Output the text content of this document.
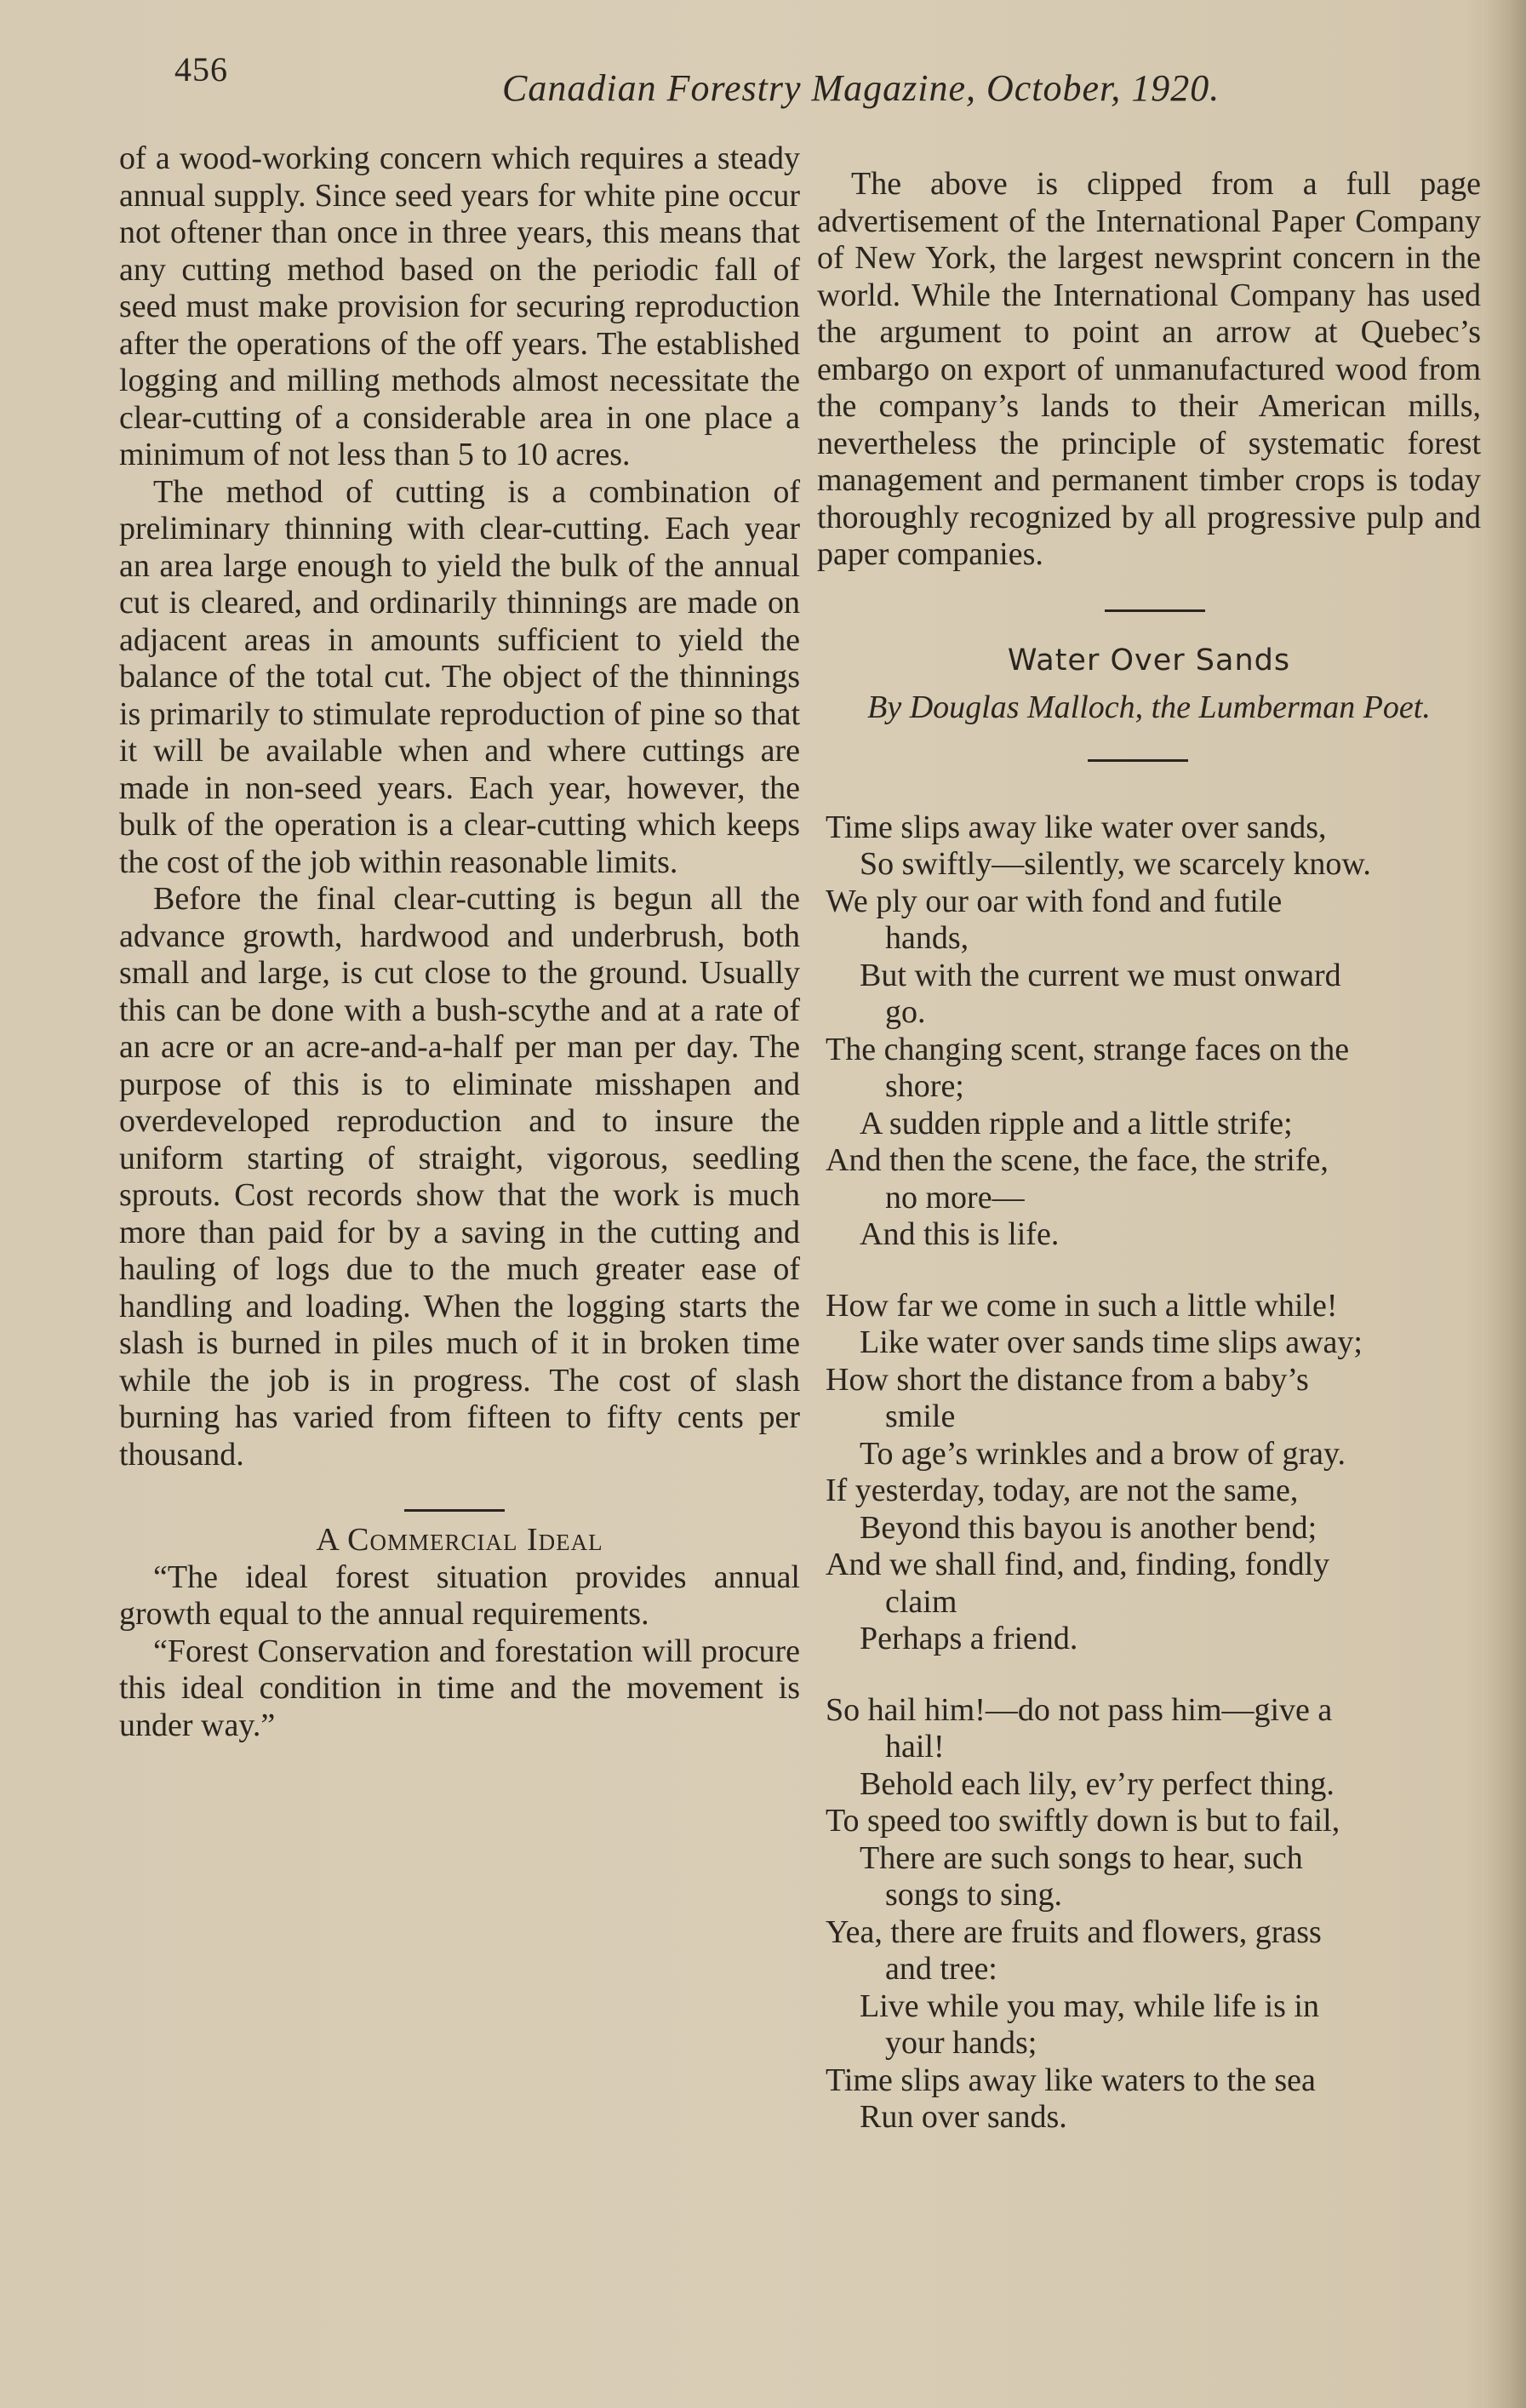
456	Canadian Forestry Magazine, October, 1920.

of a wood-working concern which requires a steady annual supply. Since seed years for white pine occur not oftener than once in three years, this means that any cutting method based on the periodic fall of seed must make provision for securing reproduction after the operations of the off years. The established logging and milling methods almost necessitate the clear-cutting of a considerable area in one place a minimum of not less than 5 to 10 acres.

The method of cutting is a combination of preliminary thinning with clear-cutting. Each year an area large enough to yield the bulk of the annual cut is cleared, and ordinarily thinnings are made on adjacent areas in amounts sufficient to yield the balance of the total cut. The object of the thinnings is primarily to stimulate reproduction of pine so that it will be available when and where cuttings are made in non-seed years. Each year, however, the bulk of the operation is a clear-cutting which keeps the cost of the job within reasonable limits.

Before the final clear-cutting is begun all the advance growth, hardwood and underbrush, both small and large, is cut close to the ground. Usually this can be done with a bush-scythe and at a rate of an acre or an acre-and-a-half per man per day. The purpose of this is to eliminate misshapen and overdeveloped reproduction and to insure the uniform starting of straight, vigorous, seedling sprouts. Cost records show that the work is much more than paid for by a saving in the cutting and hauling of logs due to the much greater ease of handling and loading. When the logging starts the slash is burned in piles much of it in broken time while the job is in progress. The cost of slash burning has varied from fifteen to fifty cents per thousand.

A Commercial Ideal

“The ideal forest situation provides annual growth equal to the annual requirements.

“Forest Conservation and forestation will procure this ideal condition in time and the movement is under way.”

The above is clipped from a full page advertisement of the International Paper Company of New York, the largest newsprint concern in the world. While the International Company has used the argument to point an arrow at Quebec’s embargo on export of unmanufactured wood from the company’s lands to their American mills, nevertheless the principle of systematic forest management and permanent timber crops is today thoroughly recognized by all progressive pulp and paper companies.

Water Over Sands
By Douglas Malloch, the Lumberman Poet.
Time slips away like water over sands,
So swiftly—silently, we scarcely know.
We ply our oar with fond and futile
hands,
But with the current we must onward
go.
The changing scent, strange faces on the
shore;
A sudden ripple and a little strife;
And then the scene, the face, the strife,
no more—
And this is life.
How far we come in such a little while!
Like water over sands time slips away;
How short the distance from a baby’s
smile
To age’s wrinkles and a brow of gray.
If yesterday, today, are not the same,
Beyond this bayou is another bend;
And we shall find, and, finding, fondly
claim
Perhaps a friend.
So hail him!—do not pass him—give a
hail!
Behold each lily, ev’ry perfect thing.
To speed too swiftly down is but to fail,
There are such songs to hear, such
songs to sing.
Yea, there are fruits and flowers, grass
and tree:
Live while you may, while life is in
your hands;
Time slips away like waters to the sea
Run over sands.
